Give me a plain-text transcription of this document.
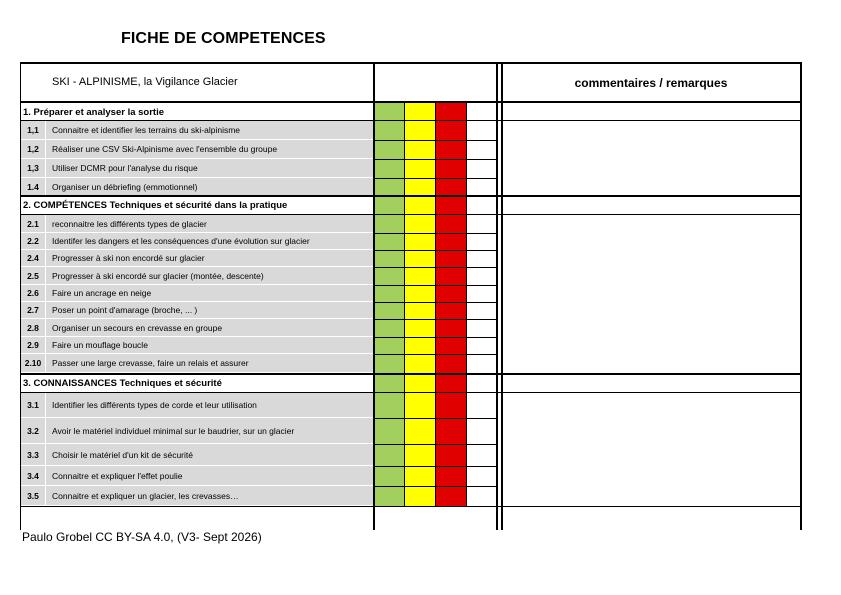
FICHE DE COMPETENCES
SKI - ALPINISME, la Vigilance Glacier	commentaires / remarques
1. Préparer et analyser la sortie
1,1	Connaitre et identifier les terrains du ski-alpinisme
1,2	Réaliser une CSV Ski-Alpinisme avec l'ensemble du groupe
1,3	Utiliser DCMR pour l'analyse du risque
1.4	Organiser un débriefing (emmotionnel)
2. COMPÉTENCES Techniques et sécurité dans la pratique
2.1	reconnaitre les différents types de glacier
2.2	Identifer les dangers et les conséquences d'une évolution sur glacier
2.4	Progresser à ski non encordé sur glacier
2.5	Progresser à ski encordé sur glacier (montée, descente)
2.6	Faire un ancrage en neige
2.7	Poser un point d'amarage (broche, ... )
2.8	Organiser un secours en crevasse en groupe
2.9	Faire un mouflage boucle
2.10	Passer une large crevasse, faire un relais et assurer
3. CONNAISSANCES Techniques et sécurité
3.1	Identifier les différents types de corde et leur utilisation
3.2	Avoir le matériel individuel minimal sur le baudrier, sur un glacier
3.3	Choisir le matériel d'un kit de sécurité
3.4	Connaitre et expliquer l'effet poulie
3.5	Connaitre et expliquer un glacier, les crevasses…
Paulo Grobel CC BY-SA 4.0, (V3- Sept 2026)
